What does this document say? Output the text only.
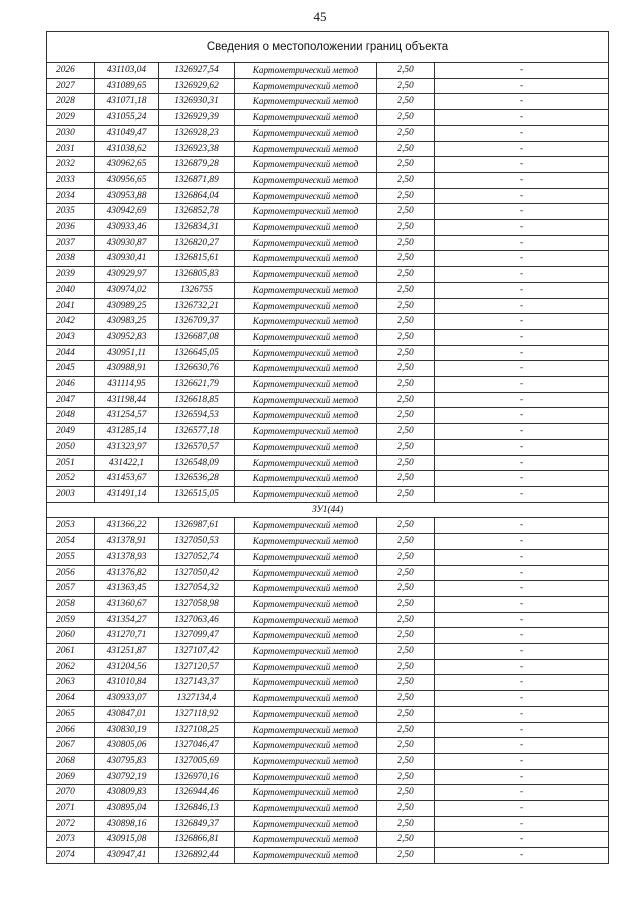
45
Сведения о местоположении границ объекта					
2026	431103,04	1326927,54	Картометрический метод	2,50	-
2027	431089,65	1326929,62	Картометрический метод	2,50	-
2028	431071,18	1326930,31	Картометрический метод	2,50	-
2029	431055,24	1326929,39	Картометрический метод	2,50	-
2030	431049,47	1326928,23	Картометрический метод	2,50	-
2031	431038,62	1326923,38	Картометрический метод	2,50	-
2032	430962,65	1326879,28	Картометрический метод	2,50	-
2033	430956,65	1326871,89	Картометрический метод	2,50	-
2034	430953,88	1326864,04	Картометрический метод	2,50	-
2035	430942,69	1326852,78	Картометрический метод	2,50	-
2036	430933,46	1326834,31	Картометрический метод	2,50	-
2037	430930,87	1326820,27	Картометрический метод	2,50	-
2038	430930,41	1326815,61	Картометрический метод	2,50	-
2039	430929,97	1326805,83	Картометрический метод	2,50	-
2040	430974,02	1326755	Картометрический метод	2,50	-
2041	430989,25	1326732,21	Картометрический метод	2,50	-
2042	430983,25	1326709,37	Картометрический метод	2,50	-
2043	430952,83	1326687,08	Картометрический метод	2,50	-
2044	430951,11	1326645,05	Картометрический метод	2,50	-
2045	430988,91	1326630,76	Картометрический метод	2,50	-
2046	431114,95	1326621,79	Картометрический метод	2,50	-
2047	431198,44	1326618,85	Картометрический метод	2,50	-
2048	431254,57	1326594,53	Картометрический метод	2,50	-
2049	431285,14	1326577,18	Картометрический метод	2,50	-
2050	431323,97	1326570,57	Картометрический метод	2,50	-
2051	431422,1	1326548,09	Картометрический метод	2,50	-
2052	431453,67	1326536,28	Картометрический метод	2,50	-
2003	431491,14	1326515,05	Картометрический метод	2,50	-
ЗУ1(44)					
2053	431366,22	1326987,61	Картометрический метод	2,50	-
2054	431378,91	1327050,53	Картометрический метод	2,50	-
2055	431378,93	1327052,74	Картометрический метод	2,50	-
2056	431376,82	1327050,42	Картометрический метод	2,50	-
2057	431363,45	1327054,32	Картометрический метод	2,50	-
2058	431360,67	1327058,98	Картометрический метод	2,50	-
2059	431354,27	1327063,46	Картометрический метод	2,50	-
2060	431270,71	1327099,47	Картометрический метод	2,50	-
2061	431251,87	1327107,42	Картометрический метод	2,50	-
2062	431204,56	1327120,57	Картометрический метод	2,50	-
2063	431010,84	1327143,37	Картометрический метод	2,50	-
2064	430933,07	1327134,4	Картометрический метод	2,50	-
2065	430847,01	1327118,92	Картометрический метод	2,50	-
2066	430830,19	1327108,25	Картометрический метод	2,50	-
2067	430805,06	1327046,47	Картометрический метод	2,50	-
2068	430795,83	1327005,69	Картометрический метод	2,50	-
2069	430792,19	1326970,16	Картометрический метод	2,50	-
2070	430809,83	1326944,46	Картометрический метод	2,50	-
2071	430895,04	1326846,13	Картометрический метод	2,50	-
2072	430898,16	1326849,37	Картометрический метод	2,50	-
2073	430915,08	1326866,81	Картометрический метод	2,50	-
2074	430947,41	1326892,44	Картометрический метод	2,50	-
